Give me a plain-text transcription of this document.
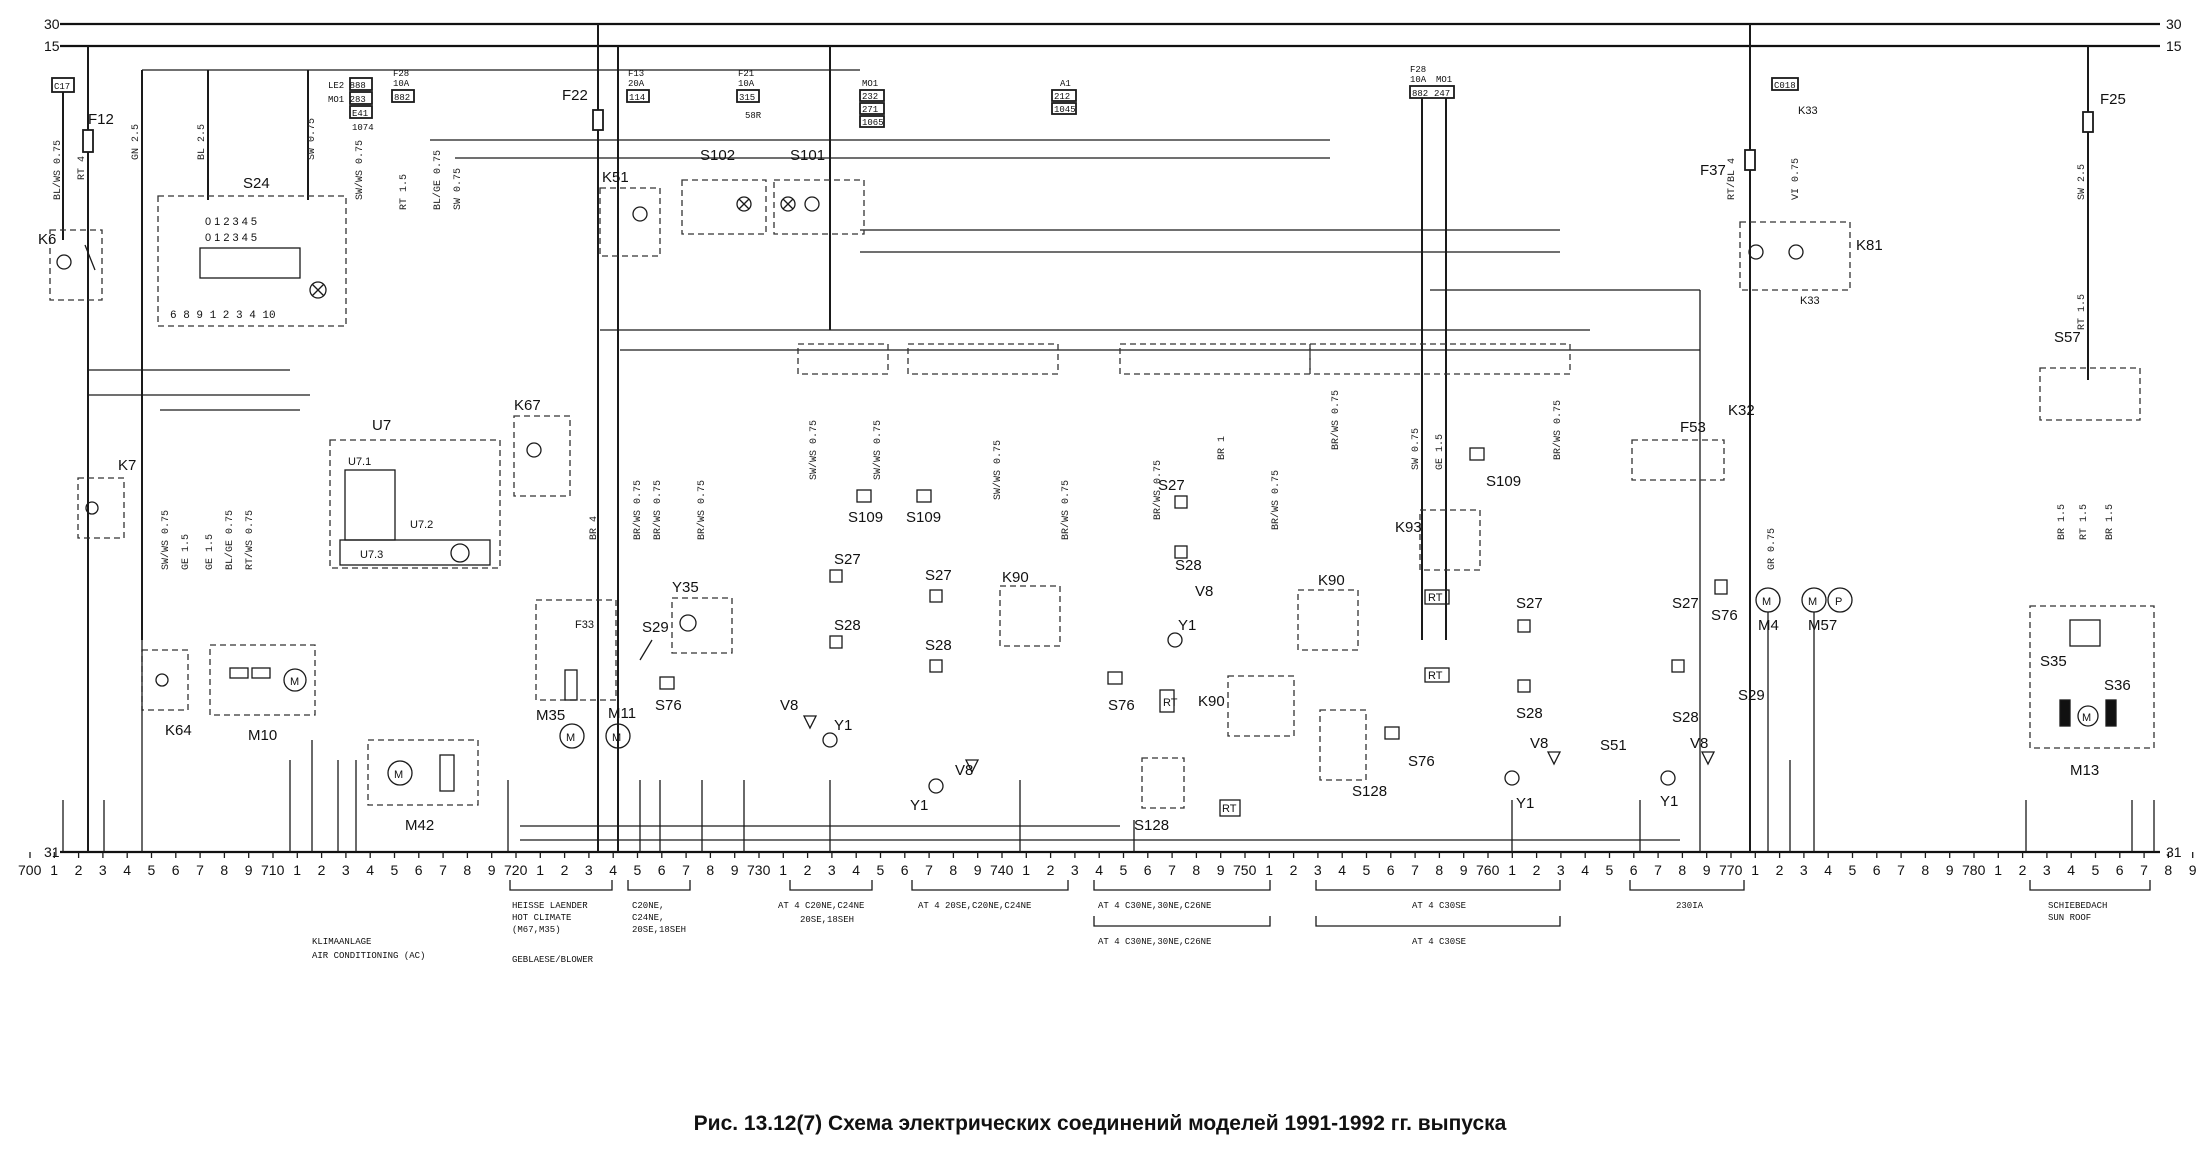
30	30
15	15
31	31
C17	LE2 888
MO1 283
E41
1074
F28
10A
882
F13
20A
114
F21
10A
315
58R
MO1
232
271
1065
A1
212
1045
F28
10A MO1
882 247
C018
F12
F22	F25
F37
K6
S24
0 1 2 3 4 5
0 1 2 3 4 5
6 8 9 1 2 3 4 10
K7
K64
M
M10
U7
U7.1
U7.2
U7.3
M
M42
K51
K67
F33
M
M35
M
M11
S29
S76
Y35
S102	S101
S109
S27
S28
V8
Y1
S109
S27
S28
V8
Y1
K90
S27
S28
V8
Y1
S76	RT
S128
K90
RT
K90
S128
S76
RT
RT
K93
S109
S27
S28
V8
Y1
F53
S51
S27
S28
V8
Y1
K32
S76
S29
K81
K33
K33
M
M4
M P
M57
S57
S35
S36
M
M13
BL/WS 0.75 RT 4
GN 2.5	BL 2.5	SW 0.75
SW/WS 0.75	RT 1.5 BL/GE 0.75 SW 0.75
SW/WS 0.75 GE 1.5 GE 1.5 BL/GE 0.75 RT/WS 0.75	BR 4	BR/WS 0.75 BR/WS 0.75	BR/WS 0.75
SW/WS 0.75	SW/WS 0.75	SW/WS 0.75
BR/WS 0.75	BR/WS 0.75	BR/WS 0.75
BR/WS 0.75	SW 0.75 GE 1.5	BR/WS 0.75
RT/BL 4	VI 0.75
GR 0.75
SW 2.5
RT 1.5
RT 1.5
BR 1.5	BR 1.5
BR 1
700 1 2 3 4 5 6 7 8 9 710 1 2 3 4 5 6 7 8 9 720 1 2 3 4 5 6 7 8 9 730 1 2 3 4 5 6 7 8 9 740 1 2 3 4 5 6 7 8 9 750 1 2 3 4 5 6 7 8 9 760 1 2 3 4 5 6 7 8 9 770 1 2 3 4 5 6 7 8 9 780 1 2 3 4 5 6 7 8 9
KLIMAANLAGE
AIR CONDITIONING (AC)
HEISSE LAENDER
HOT CLIMATE
(M67,M35)
GEBLAESE/BLOWER
C20NE,
C24NE,
20SE,18SEH
AT 4 C20NE,C24NE
20SE,18SEH
AT 4 20SE,C20NE,C24NE	AT 4 C30NE,30NE,C26NE
AT 4 C30NE,30NE,C26NE
AT 4 C30SE
AT 4 C30SE
230IA	SCHIEBEDACH
SUN ROOF
Рис. 13.12(7) Схема электрических соединений моделей 1991-1992 гг. выпуска
